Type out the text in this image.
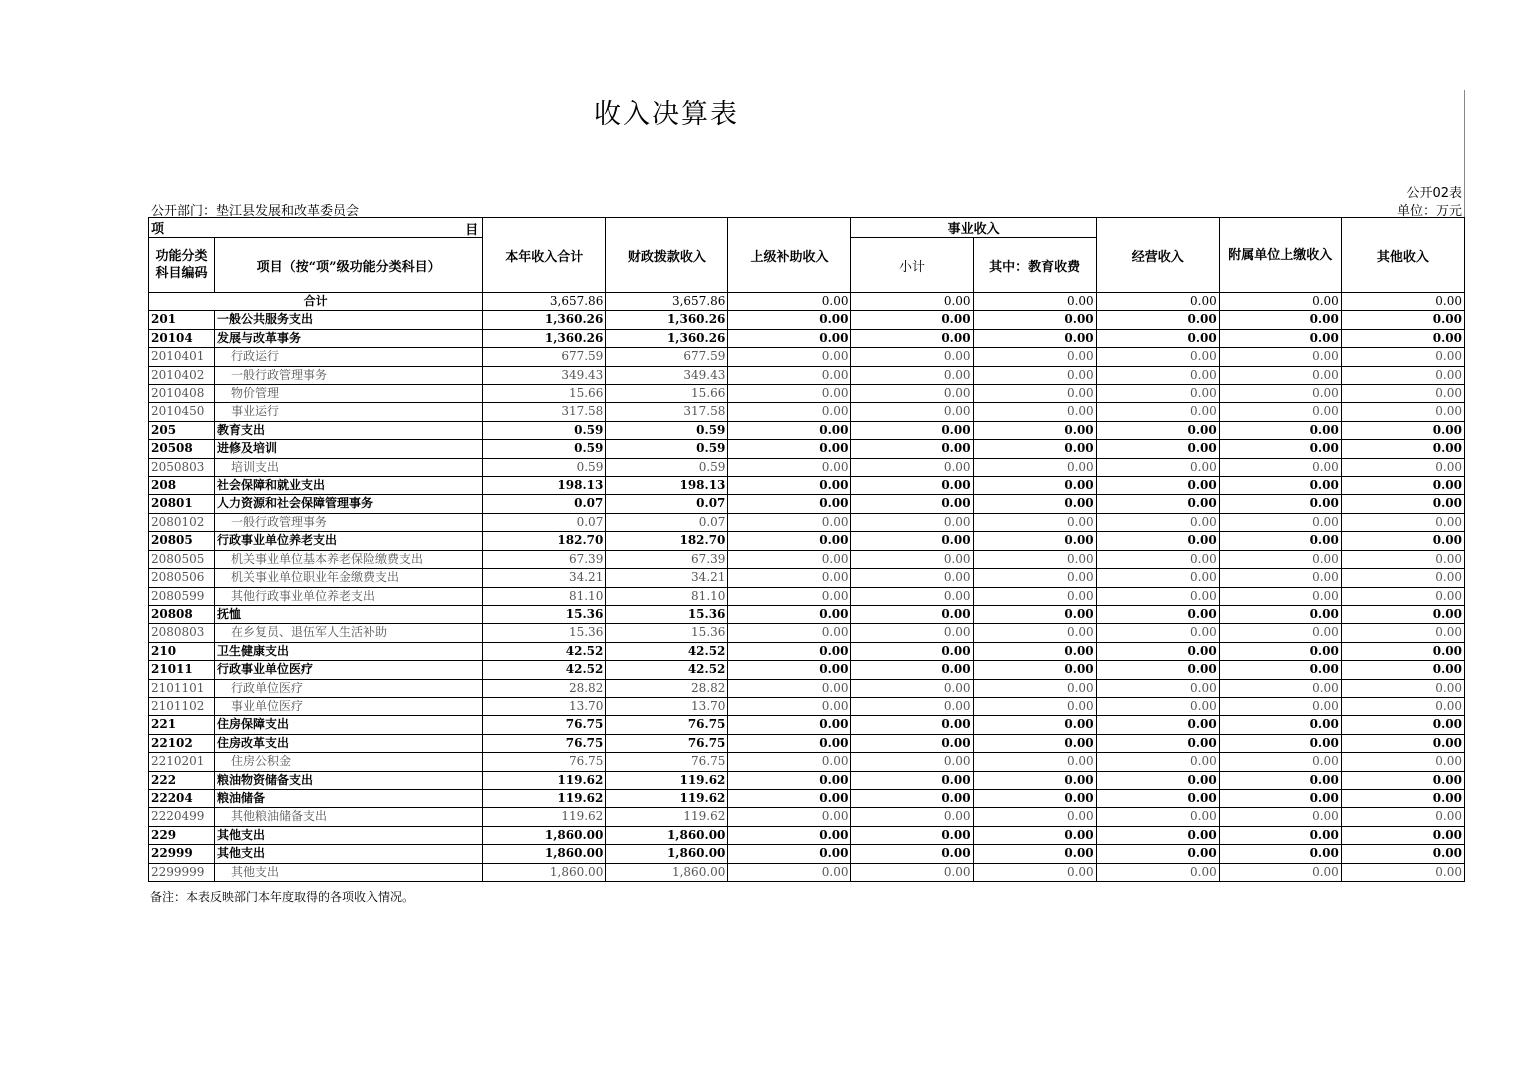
收入决算表
公开02表
公开部门：垫江县发展和改革委员会	单位：万元
项 目		本年收入合计	财政拨款收入	上级补助收入	事业收入		经营收入	附属单位上缴收入	其他收入
功能分类科目编码	项目（按“项”级功能分类科目）				小计	其中：教育收费			
合计		3,657.86	3,657.86	0.00	0.00	0.00	0.00	0.00	0.00
201	一般公共服务支出	1,360.26	1,360.26	0.00	0.00	0.00	0.00	0.00	0.00
20104	发展与改革事务	1,360.26	1,360.26	0.00	0.00	0.00	0.00	0.00	0.00
2010401	行政运行	677.59	677.59	0.00	0.00	0.00	0.00	0.00	0.00
2010402	一般行政管理事务	349.43	349.43	0.00	0.00	0.00	0.00	0.00	0.00
2010408	物价管理	15.66	15.66	0.00	0.00	0.00	0.00	0.00	0.00
2010450	事业运行	317.58	317.58	0.00	0.00	0.00	0.00	0.00	0.00
205	教育支出	0.59	0.59	0.00	0.00	0.00	0.00	0.00	0.00
20508	进修及培训	0.59	0.59	0.00	0.00	0.00	0.00	0.00	0.00
2050803	培训支出	0.59	0.59	0.00	0.00	0.00	0.00	0.00	0.00
208	社会保障和就业支出	198.13	198.13	0.00	0.00	0.00	0.00	0.00	0.00
20801	人力资源和社会保障管理事务	0.07	0.07	0.00	0.00	0.00	0.00	0.00	0.00
2080102	一般行政管理事务	0.07	0.07	0.00	0.00	0.00	0.00	0.00	0.00
20805	行政事业单位养老支出	182.70	182.70	0.00	0.00	0.00	0.00	0.00	0.00
2080505	机关事业单位基本养老保险缴费支出	67.39	67.39	0.00	0.00	0.00	0.00	0.00	0.00
2080506	机关事业单位职业年金缴费支出	34.21	34.21	0.00	0.00	0.00	0.00	0.00	0.00
2080599	其他行政事业单位养老支出	81.10	81.10	0.00	0.00	0.00	0.00	0.00	0.00
20808	抚恤	15.36	15.36	0.00	0.00	0.00	0.00	0.00	0.00
2080803	在乡复员、退伍军人生活补助	15.36	15.36	0.00	0.00	0.00	0.00	0.00	0.00
210	卫生健康支出	42.52	42.52	0.00	0.00	0.00	0.00	0.00	0.00
21011	行政事业单位医疗	42.52	42.52	0.00	0.00	0.00	0.00	0.00	0.00
2101101	行政单位医疗	28.82	28.82	0.00	0.00	0.00	0.00	0.00	0.00
2101102	事业单位医疗	13.70	13.70	0.00	0.00	0.00	0.00	0.00	0.00
221	住房保障支出	76.75	76.75	0.00	0.00	0.00	0.00	0.00	0.00
22102	住房改革支出	76.75	76.75	0.00	0.00	0.00	0.00	0.00	0.00
2210201	住房公积金	76.75	76.75	0.00	0.00	0.00	0.00	0.00	0.00
222	粮油物资储备支出	119.62	119.62	0.00	0.00	0.00	0.00	0.00	0.00
22204	粮油储备	119.62	119.62	0.00	0.00	0.00	0.00	0.00	0.00
2220499	其他粮油储备支出	119.62	119.62	0.00	0.00	0.00	0.00	0.00	0.00
229	其他支出	1,860.00	1,860.00	0.00	0.00	0.00	0.00	0.00	0.00
22999	其他支出	1,860.00	1,860.00	0.00	0.00	0.00	0.00	0.00	0.00
2299999	其他支出	1,860.00	1,860.00	0.00	0.00	0.00	0.00	0.00	0.00
备注：本表反映部门本年度取得的各项收入情况。
